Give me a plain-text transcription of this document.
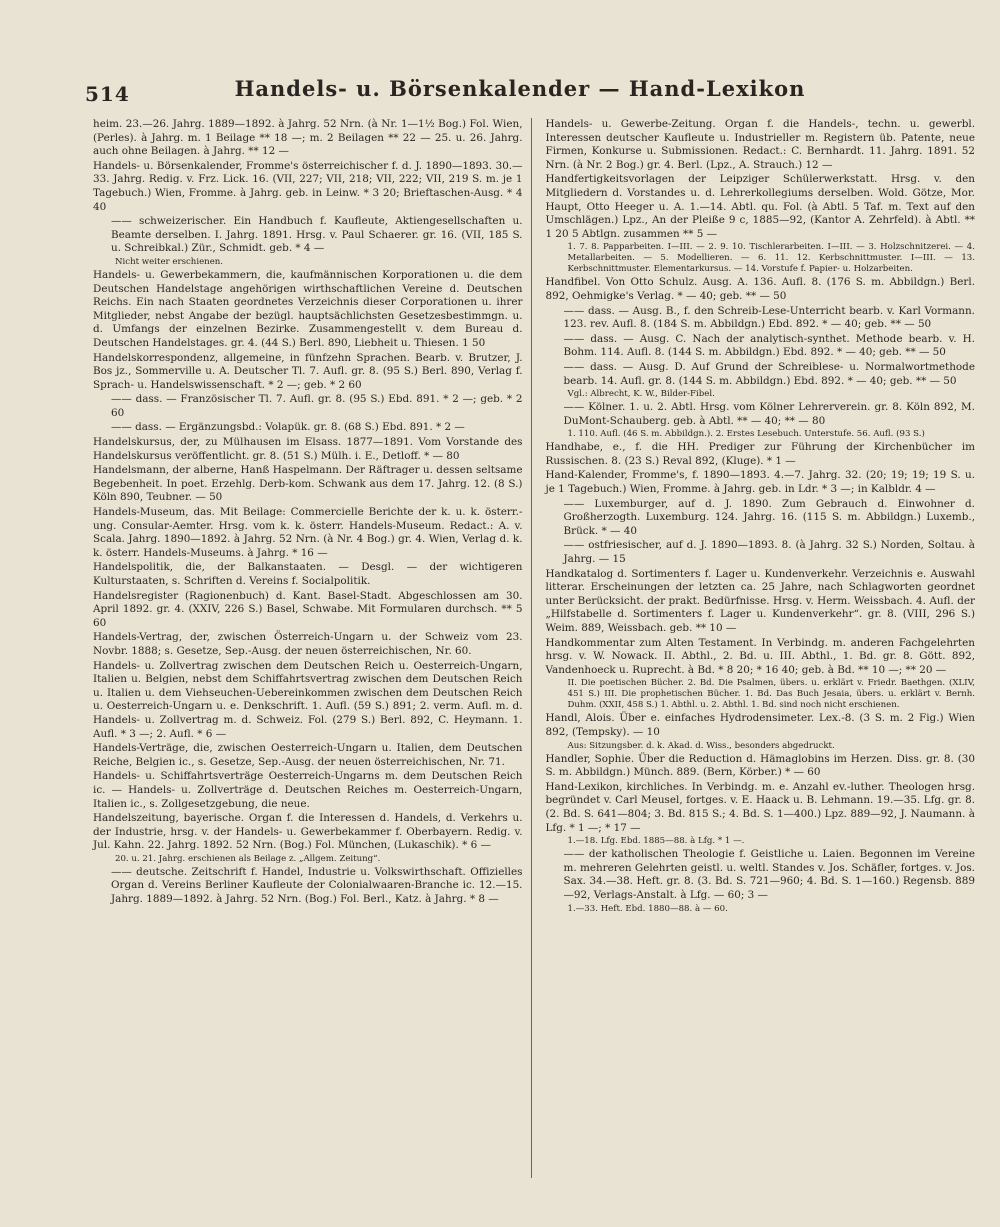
514	Handels- u. Börsenkalender — Hand-Lexikon

heim. 23.—26. Jahrg. 1889—1892. à Jahrg. 52 Nrn. (à Nr. 1—1½ Bog.) Fol. Wien, (Perles). à Jahrg. m. 1 Beilage ** 18 —; m. 2 Beilagen ** 22 — 25. u. 26. Jahrg. auch ohne Beilagen. à Jahrg. ** 12 —

Handels- u. Börsenkalender, Fromme's österreichischer f. d. J. 1890—1893. 30.—33. Jahrg. Redig. v. Frz. Lick. 16. (VII, 227; VII, 218; VII, 222; VII, 219 S. m. je 1 Tagebuch.) Wien, Fromme. à Jahrg. geb. in Leinw. * 3 20; Brieftaschen-Ausg. * 4 40

—— schweizerischer. Ein Handbuch f. Kaufleute, Aktiengesellschaften u. Beamte derselben. I. Jahrg. 1891. Hrsg. v. Paul Schaerer. gr. 16. (VII, 185 S. u. Schreibkal.) Zür., Schmidt. geb. * 4 —

Nicht weiter erschienen.

Handels- u. Gewerbekammern, die, kaufmännischen Korporationen u. die dem Deutschen Handelstage angehörigen wirthschaftlichen Vereine d. Deutschen Reichs. Ein nach Staaten geordnetes Verzeichnis dieser Corporationen u. ihrer Mitglieder, nebst Angabe der bezügl. hauptsächlichsten Gesetzesbestimmgn. u. d. Umfangs der einzelnen Bezirke. Zusammengestellt v. dem Bureau d. Deutschen Handelstages. gr. 4. (44 S.) Berl. 890, Liebheit u. Thiesen. 1 50

Handelskorrespondenz, allgemeine, in fünfzehn Sprachen. Bearb. v. Brutzer, J. Bos jz., Sommerville u. A. Deutscher Tl. 7. Aufl. gr. 8. (95 S.) Berl. 890, Verlag f. Sprach- u. Handelswissenschaft. * 2 —; geb. * 2 60

—— dass. — Französischer Tl. 7. Aufl. gr. 8. (95 S.) Ebd. 891. * 2 —; geb. * 2 60

—— dass. — Ergänzungsbd.: Volapük. gr. 8. (68 S.) Ebd. 891. * 2 —

Handelskursus, der, zu Mülhausen im Elsass. 1877—1891. Vom Vorstande des Handelskursus veröffentlicht. gr. 8. (51 S.) Mülh. i. E., Detloff. * — 80

Handelsmann, der alberne, Hanß Haspelmann. Der Räftrager u. dessen seltsame Begebenheit. In poet. Erzehlg. Derb-kom. Schwank aus dem 17. Jahrg. 12. (8 S.) Köln 890, Teubner. — 50

Handels-Museum, das. Mit Beilage: Commercielle Berichte der k. u. k. österr.-ung. Consular-Aemter. Hrsg. vom k. k. österr. Handels-Museum. Redact.: A. v. Scala. Jahrg. 1890—1892. à Jahrg. 52 Nrn. (à Nr. 4 Bog.) gr. 4. Wien, Verlag d. k. k. österr. Handels-Museums. à Jahrg. * 16 —

Handelspolitik, die, der Balkanstaaten. — Desgl. — der wichtigeren Kulturstaaten, s. Schriften d. Vereins f. Socialpolitik.

Handelsregister (Ragionenbuch) d. Kant. Basel-Stadt. Abgeschlossen am 30. April 1892. gr. 4. (XXIV, 226 S.) Basel, Schwabe. Mit Formularen durchsch. ** 5 60

Handels-Vertrag, der, zwischen Österreich-Ungarn u. der Schweiz vom 23. Novbr. 1888; s. Gesetze, Sep.-Ausg. der neuen österreichischen, Nr. 60.

Handels- u. Zollvertrag zwischen dem Deutschen Reich u. Oesterreich-Ungarn, Italien u. Belgien, nebst dem Schiffahrtsvertrag zwischen dem Deutschen Reich u. Italien u. dem Viehseuchen-Uebereinkommen zwischen dem Deutschen Reich u. Oesterreich-Ungarn u. e. Denkschrift. 1. Aufl. (59 S.) 891; 2. verm. Aufl. m. d. Handels- u. Zollvertrag m. d. Schweiz. Fol. (279 S.) Berl. 892, C. Heymann. 1. Aufl. * 3 —; 2. Aufl. * 6 —

Handels-Verträge, die, zwischen Oesterreich-Ungarn u. Italien, dem Deutschen Reiche, Belgien ic., s. Gesetze, Sep.-Ausg. der neuen österreichischen, Nr. 71.

Handels- u. Schiffahrtsverträge Oesterreich-Ungarns m. dem Deutschen Reich ic. — Handels- u. Zollverträge d. Deutschen Reiches m. Oesterreich-Ungarn, Italien ic., s. Zollgesetzgebung, die neue.

Handelszeitung, bayerische. Organ f. die Interessen d. Handels, d. Verkehrs u. der Industrie, hrsg. v. der Handels- u. Gewerbekammer f. Oberbayern. Redig. v. Jul. Kahn. 22. Jahrg. 1892. 52 Nrn. (Bog.) Fol. München, (Lukaschik). * 6 —

20. u. 21. Jahrg. erschienen als Beilage z. „Allgem. Zeitung“.

—— deutsche. Zeitschrift f. Handel, Industrie u. Volkswirthschaft. Offizielles Organ d. Vereins Berliner Kaufleute der Colonialwaaren-Branche ic. 12.—15. Jahrg. 1889—1892. à Jahrg. 52 Nrn. (Bog.) Fol. Berl., Katz. à Jahrg. * 8 —

Handels- u. Gewerbe-Zeitung. Organ f. die Handels-, techn. u. gewerbl. Interessen deutscher Kaufleute u. Industrieller m. Registern üb. Patente, neue Firmen, Konkurse u. Submissionen. Redact.: C. Bernhardt. 11. Jahrg. 1891. 52 Nrn. (à Nr. 2 Bog.) gr. 4. Berl. (Lpz., A. Strauch.) 12 —

Handfertigkeitsvorlagen der Leipziger Schülerwerkstatt. Hrsg. v. den Mitgliedern d. Vorstandes u. d. Lehrerkollegiums derselben. Wold. Götze, Mor. Haupt, Otto Heeger u. A. 1.—14. Abtl. qu. Fol. (à Abtl. 5 Taf. m. Text auf den Umschlägen.) Lpz., An der Pleiße 9 c, 1885—92, (Kantor A. Zehrfeld). à Abtl. ** 1 20 5 Abtlgn. zusammen ** 5 —

1. 7. 8. Papparbeiten. I—III. — 2. 9. 10. Tischlerarbeiten. I—III. — 3. Holzschnitzerei. — 4. Metallarbeiten. — 5. Modellieren. — 6. 11. 12. Kerbschnittmuster. I—III. — 13. Kerbschnittmuster. Elementarkursus. — 14. Vorstufe f. Papier- u. Holzarbeiten.

Handfibel. Von Otto Schulz. Ausg. A. 136. Aufl. 8. (176 S. m. Abbildgn.) Berl. 892, Oehmigke's Verlag. * — 40; geb. ** — 50

—— dass. — Ausg. B., f. den Schreib-Lese-Unterricht bearb. v. Karl Vormann. 123. rev. Aufl. 8. (184 S. m. Abbildgn.) Ebd. 892. * — 40; geb. ** — 50

—— dass. — Ausg. C. Nach der analytisch-synthet. Methode bearb. v. H. Bohm. 114. Aufl. 8. (144 S. m. Abbildgn.) Ebd. 892. * — 40; geb. ** — 50

—— dass. — Ausg. D. Auf Grund der Schreiblese- u. Normalwortmethode bearb. 14. Aufl. gr. 8. (144 S. m. Abbildgn.) Ebd. 892. * — 40; geb. ** — 50

Vgl.: Albrecht, K. W., Bilder-Fibel.

—— Kölner. 1. u. 2. Abtl. Hrsg. vom Kölner Lehrerverein. gr. 8. Köln 892, M. DuMont-Schauberg. geb. à Abtl. ** — 40; ** — 80

1. 110. Aufl. (46 S. m. Abbildgn.). 2. Erstes Lesebuch. Unterstufe. 56. Aufl. (93 S.)

Handhabe, e., f. die HH. Prediger zur Führung der Kirchenbücher im Russischen. 8. (23 S.) Reval 892, (Kluge). * 1 —

Hand-Kalender, Fromme's, f. 1890—1893. 4.—7. Jahrg. 32. (20; 19; 19; 19 S. u. je 1 Tagebuch.) Wien, Fromme. à Jahrg. geb. in Ldr. * 3 —; in Kalbldr. 4 —

—— Luxemburger, auf d. J. 1890. Zum Gebrauch d. Einwohner d. Großherzogth. Luxemburg. 124. Jahrg. 16. (115 S. m. Abbildgn.) Luxemb., Brück. * — 40

—— ostfriesischer, auf d. J. 1890—1893. 8. (à Jahrg. 32 S.) Norden, Soltau. à Jahrg. — 15

Handkatalog d. Sortimenters f. Lager u. Kundenverkehr. Verzeichnis e. Auswahl litterar. Erscheinungen der letzten ca. 25 Jahre, nach Schlagworten geordnet unter Berücksicht. der prakt. Bedürfnisse. Hrsg. v. Herm. Weissbach. 4. Aufl. der „Hilfstabelle d. Sortimenters f. Lager u. Kundenverkehr“. gr. 8. (VIII, 296 S.) Weim. 889, Weissbach. geb. ** 10 —

Handkommentar zum Alten Testament. In Verbindg. m. anderen Fachgelehrten hrsg. v. W. Nowack. II. Abthl., 2. Bd. u. III. Abthl., 1. Bd. gr. 8. Gött. 892, Vandenhoeck u. Ruprecht. à Bd. * 8 20; * 16 40; geb. à Bd. ** 10 —; ** 20 —

II. Die poetischen Bücher. 2. Bd. Die Psalmen, übers. u. erklärt v. Friedr. Baethgen. (XLIV, 451 S.) III. Die prophetischen Bücher. 1. Bd. Das Buch Jesaia, übers. u. erklärt v. Bernh. Duhm. (XXII, 458 S.) 1. Abthl. u. 2. Abthl. 1. Bd. sind noch nicht erschienen.

Handl, Alois. Über e. einfaches Hydrodensimeter. Lex.-8. (3 S. m. 2 Fig.) Wien 892, (Tempsky). — 10

Aus: Sitzungsber. d. k. Akad. d. Wiss., besonders abgedruckt.

Handler, Sophie. Über die Reduction d. Hämaglobins im Herzen. Diss. gr. 8. (30 S. m. Abbildgn.) Münch. 889. (Bern, Körber.) * — 60

Hand-Lexikon, kirchliches. In Verbindg. m. e. Anzahl ev.-luther. Theologen hrsg. begründet v. Carl Meusel, fortges. v. E. Haack u. B. Lehmann. 19.—35. Lfg. gr. 8. (2. Bd. S. 641—804; 3. Bd. 815 S.; 4. Bd. S. 1—400.) Lpz. 889—92, J. Naumann. à Lfg. * 1 —; * 17 —

1.—18. Lfg. Ebd. 1885—88. à Lfg. * 1 —.

—— der katholischen Theologie f. Geistliche u. Laien. Begonnen im Vereine m. mehreren Gelehrten geistl. u. weltl. Standes v. Jos. Schäfler, fortges. v. Jos. Sax. 34.—38. Heft. gr. 8. (3. Bd. S. 721—960; 4. Bd. S. 1—160.) Regensb. 889—92, Verlags-Anstalt. à Lfg. — 60; 3 —

1.—33. Heft. Ebd. 1880—88. à — 60.
